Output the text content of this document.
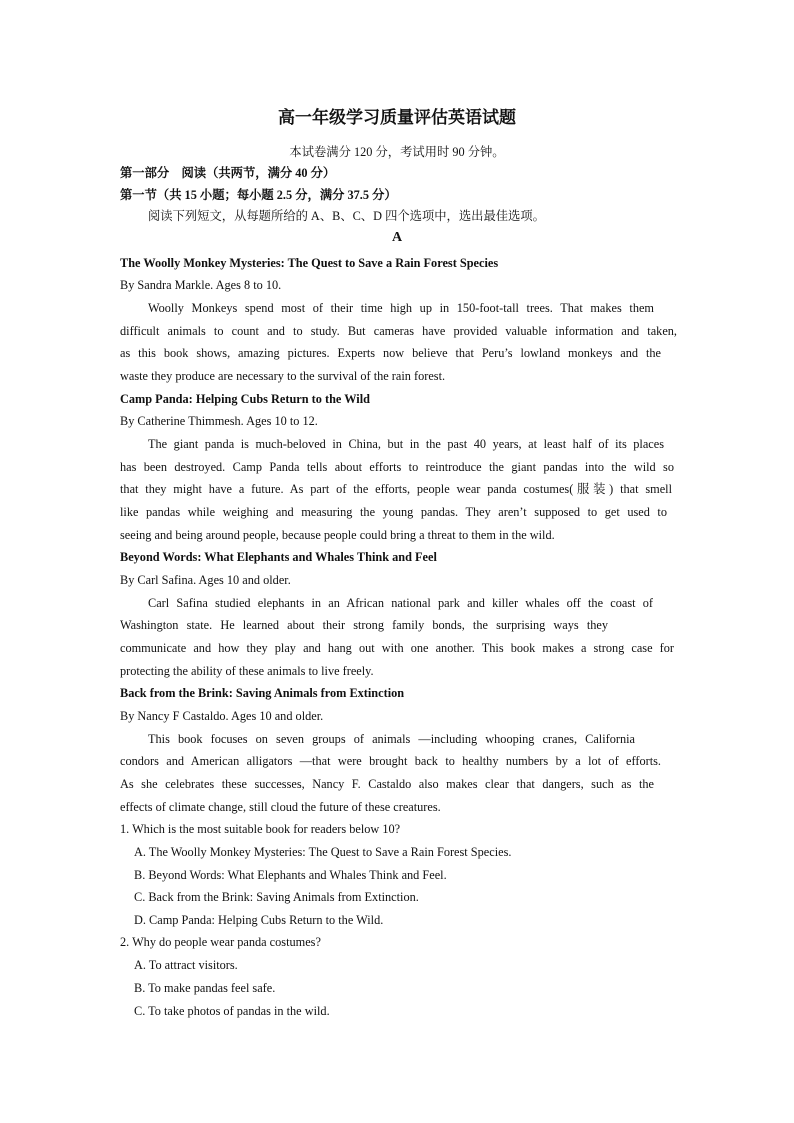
高一年级学习质量评估英语试题
本试卷满分 120 分，考试用时 90 分钟。
第一部分　阅读（共两节，满分 40 分）
第一节（共 15 小题；每小题 2.5 分，满分 37.5 分）
阅读下列短文，从每题所给的 A、B、C、D 四个选项中，选出最佳选项。
A
The Woolly Monkey Mysteries: The Quest to Save a Rain Forest Species
By Sandra Markle. Ages 8 to 10.
Woolly Monkeys spend most of their time high up in 150-foot-tall trees. That makes them
difficult animals to count and to study. But cameras have provided valuable information and taken,
as this book shows, amazing pictures. Experts now believe that Peru’s lowland monkeys and the
waste they produce are necessary to the survival of the rain forest.
Camp Panda: Helping Cubs Return to the Wild
By Catherine Thimmesh. Ages 10 to 12.
The giant panda is much-beloved in China, but in the past 40 years, at least half of its places
has been destroyed. Camp Panda tells about efforts to reintroduce the giant pandas into the wild so
that they might have a future. As part of the efforts, people wear panda costumes(服装) that smell
like pandas while weighing and measuring the young pandas. They aren’t supposed to get used to
seeing and being around people, because people could bring a threat to them in the wild.
Beyond Words: What Elephants and Whales Think and Feel
By Carl Safina. Ages 10 and older.
Carl Safina studied elephants in an African national park and killer whales off the coast of
Washington state. He learned about their strong family bonds, the surprising ways they
communicate and how they play and hang out with one another. This book makes a strong case for
protecting the ability of these animals to live freely.
Back from the Brink: Saving Animals from Extinction
By Nancy F Castaldo. Ages 10 and older.
This book focuses on seven groups of animals —including whooping cranes, California
condors and American alligators —that were brought back to healthy numbers by a lot of efforts.
As she celebrates these successes, Nancy F. Castaldo also makes clear that dangers, such as the
effects of climate change, still cloud the future of these creatures.
1. Which is the most suitable book for readers below 10?
A. The Woolly Monkey Mysteries: The Quest to Save a Rain Forest Species.
B. Beyond Words: What Elephants and Whales Think and Feel.
C. Back from the Brink: Saving Animals from Extinction.
D. Camp Panda: Helping Cubs Return to the Wild.
2. Why do people wear panda costumes?
A. To attract visitors.
B. To make pandas feel safe.
C. To take photos of pandas in the wild.
